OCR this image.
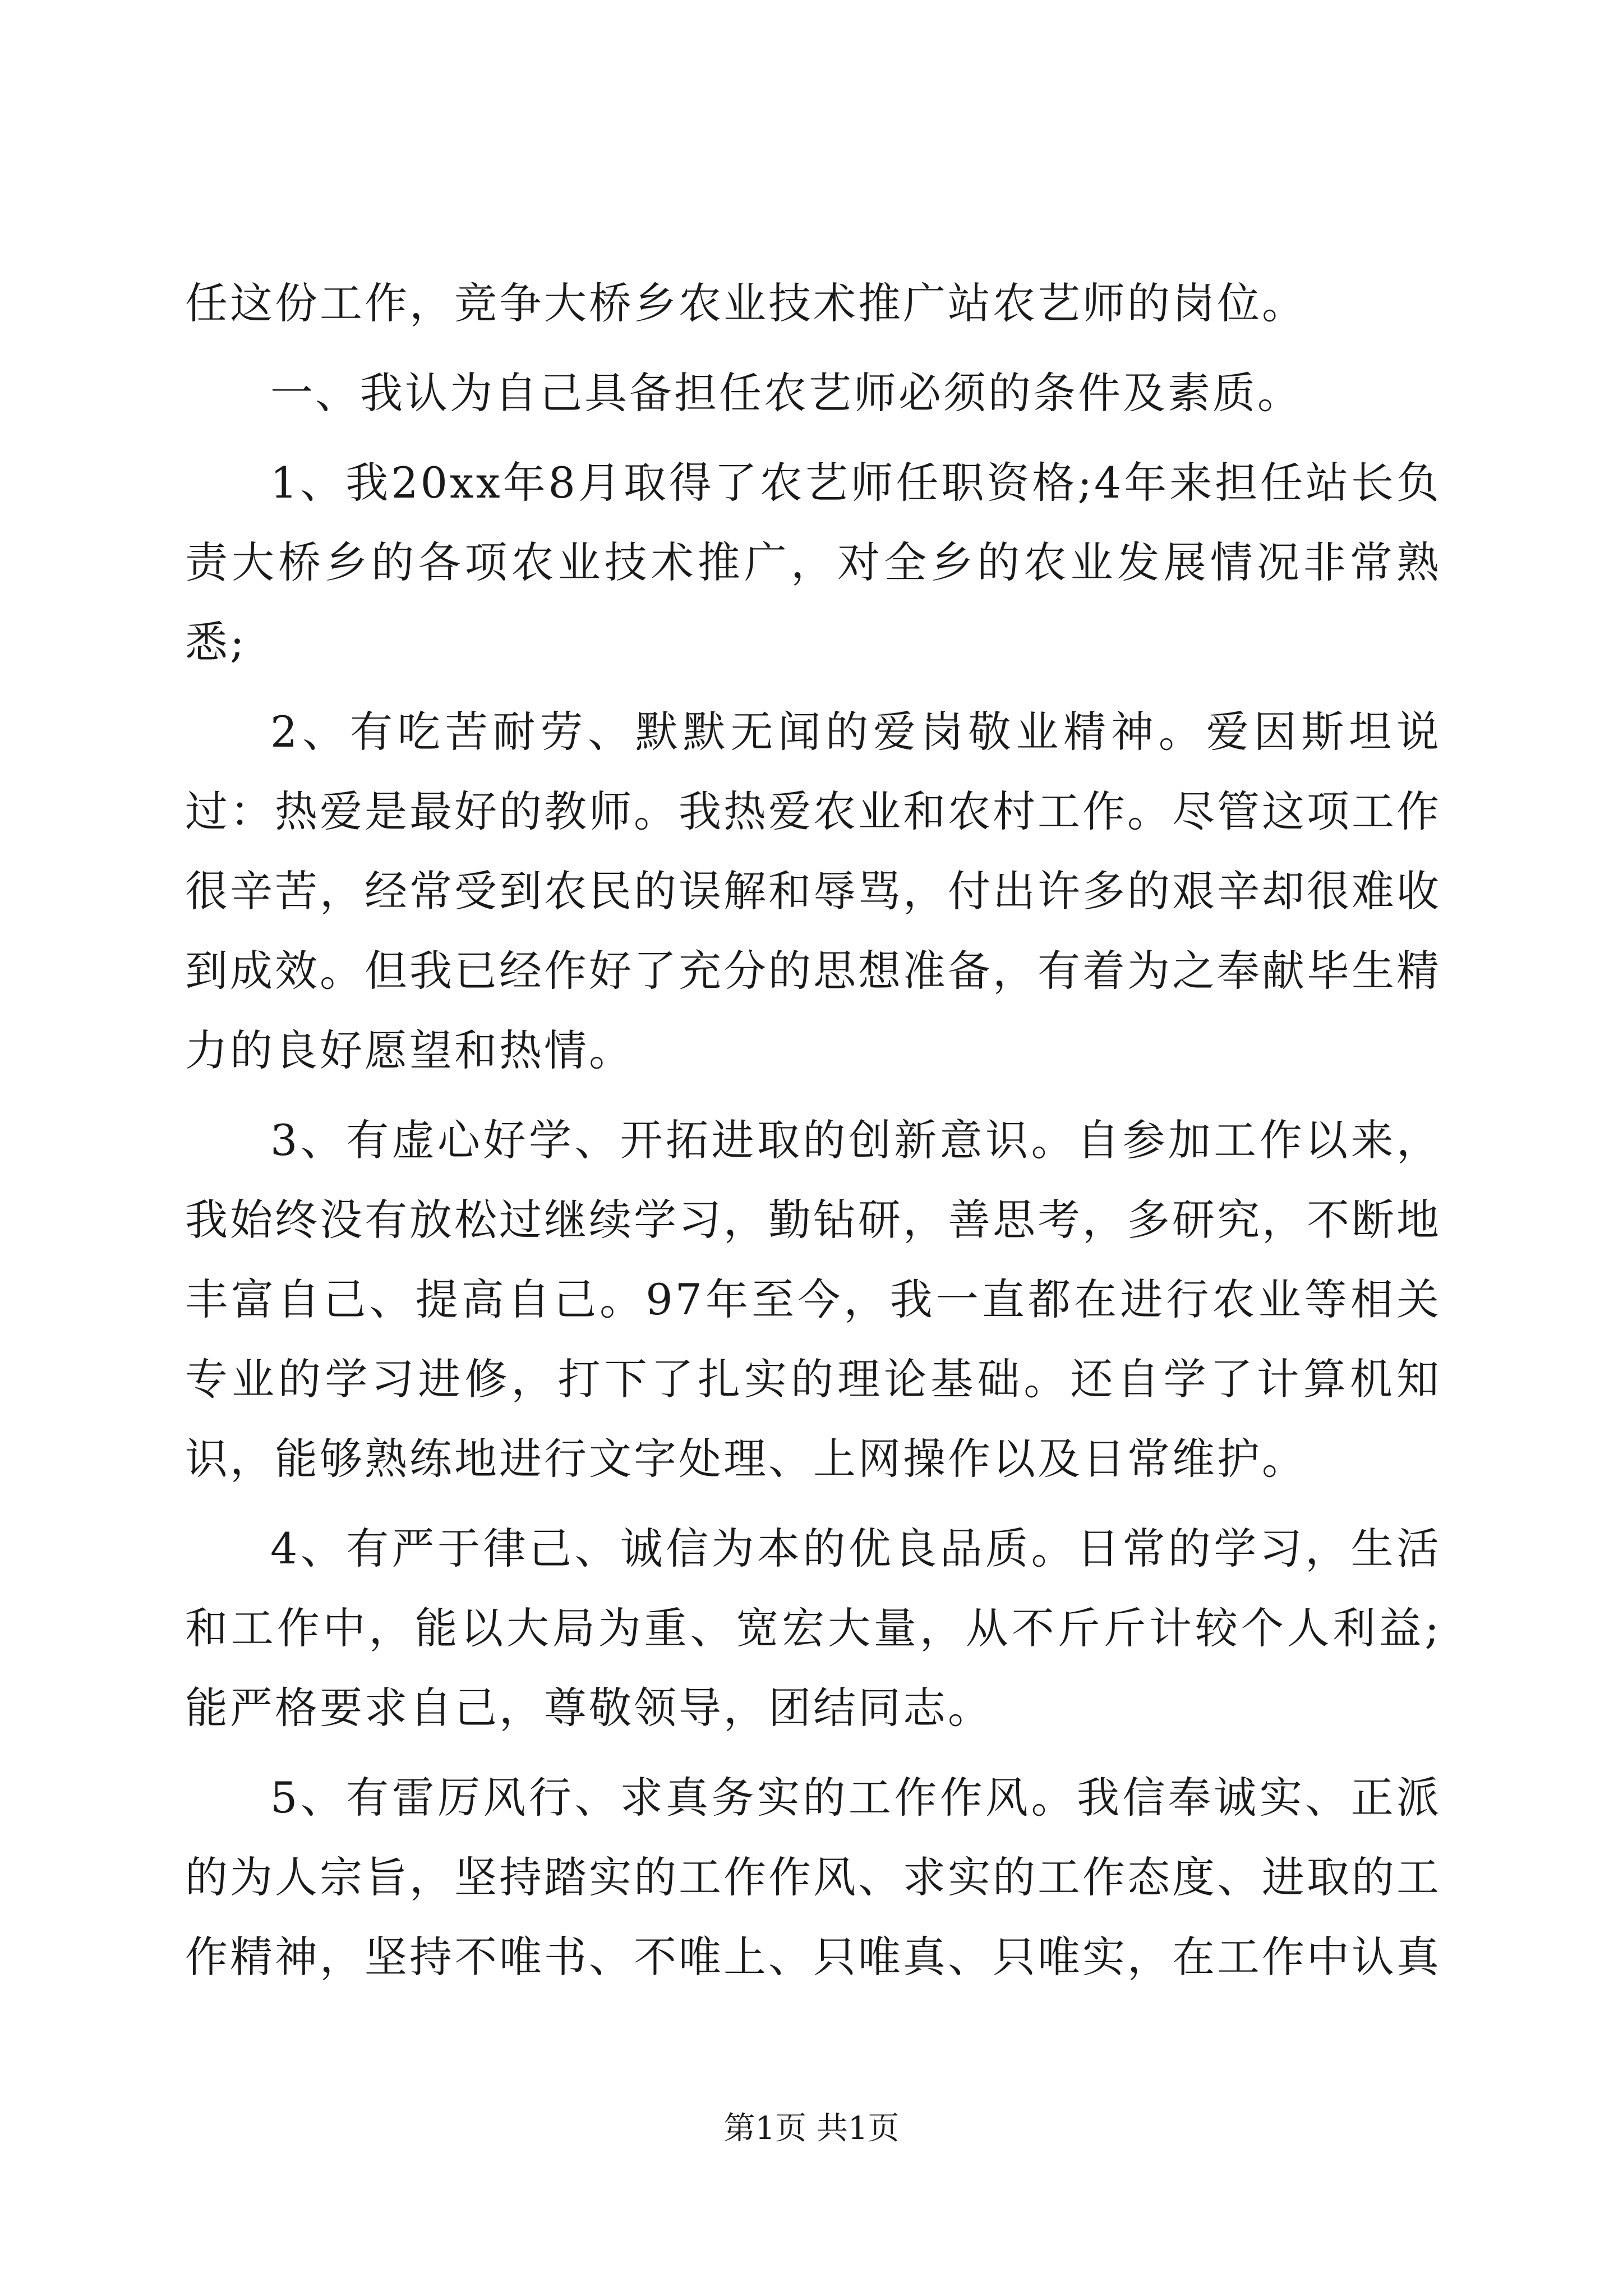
任这份工作，竞争大桥乡农业技术推广站农艺师的岗位。

一、我认为自己具备担任农艺师必须的条件及素质。

1、我20xx年8月取得了农艺师任职资格;4年来担任站长负责大桥乡的各项农业技术推广，对全乡的农业发展情况非常熟悉;

2、有吃苦耐劳、默默无闻的爱岗敬业精神。爱因斯坦说过：热爱是最好的教师。我热爱农业和农村工作。尽管这项工作很辛苦，经常受到农民的误解和辱骂，付出许多的艰辛却很难收到成效。但我已经作好了充分的思想准备，有着为之奉献毕生精力的良好愿望和热情。

3、有虚心好学、开拓进取的创新意识。自参加工作以来，我始终没有放松过继续学习，勤钻研，善思考，多研究，不断地丰富自己、提高自己。97年至今，我一直都在进行农业等相关专业的学习进修，打下了扎实的理论基础。还自学了计算机知识，能够熟练地进行文字处理、上网操作以及日常维护。

4、有严于律己、诚信为本的优良品质。日常的学习，生活和工作中，能以大局为重、宽宏大量，从不斤斤计较个人利益;能严格要求自己，尊敬领导，团结同志。

5、有雷厉风行、求真务实的工作作风。我信奉诚实、正派的为人宗旨，坚持踏实的工作作风、求实的工作态度、进取的工作精神，坚持不唯书、不唯上、只唯真、只唯实，在工作中认真

第1页 共1页
